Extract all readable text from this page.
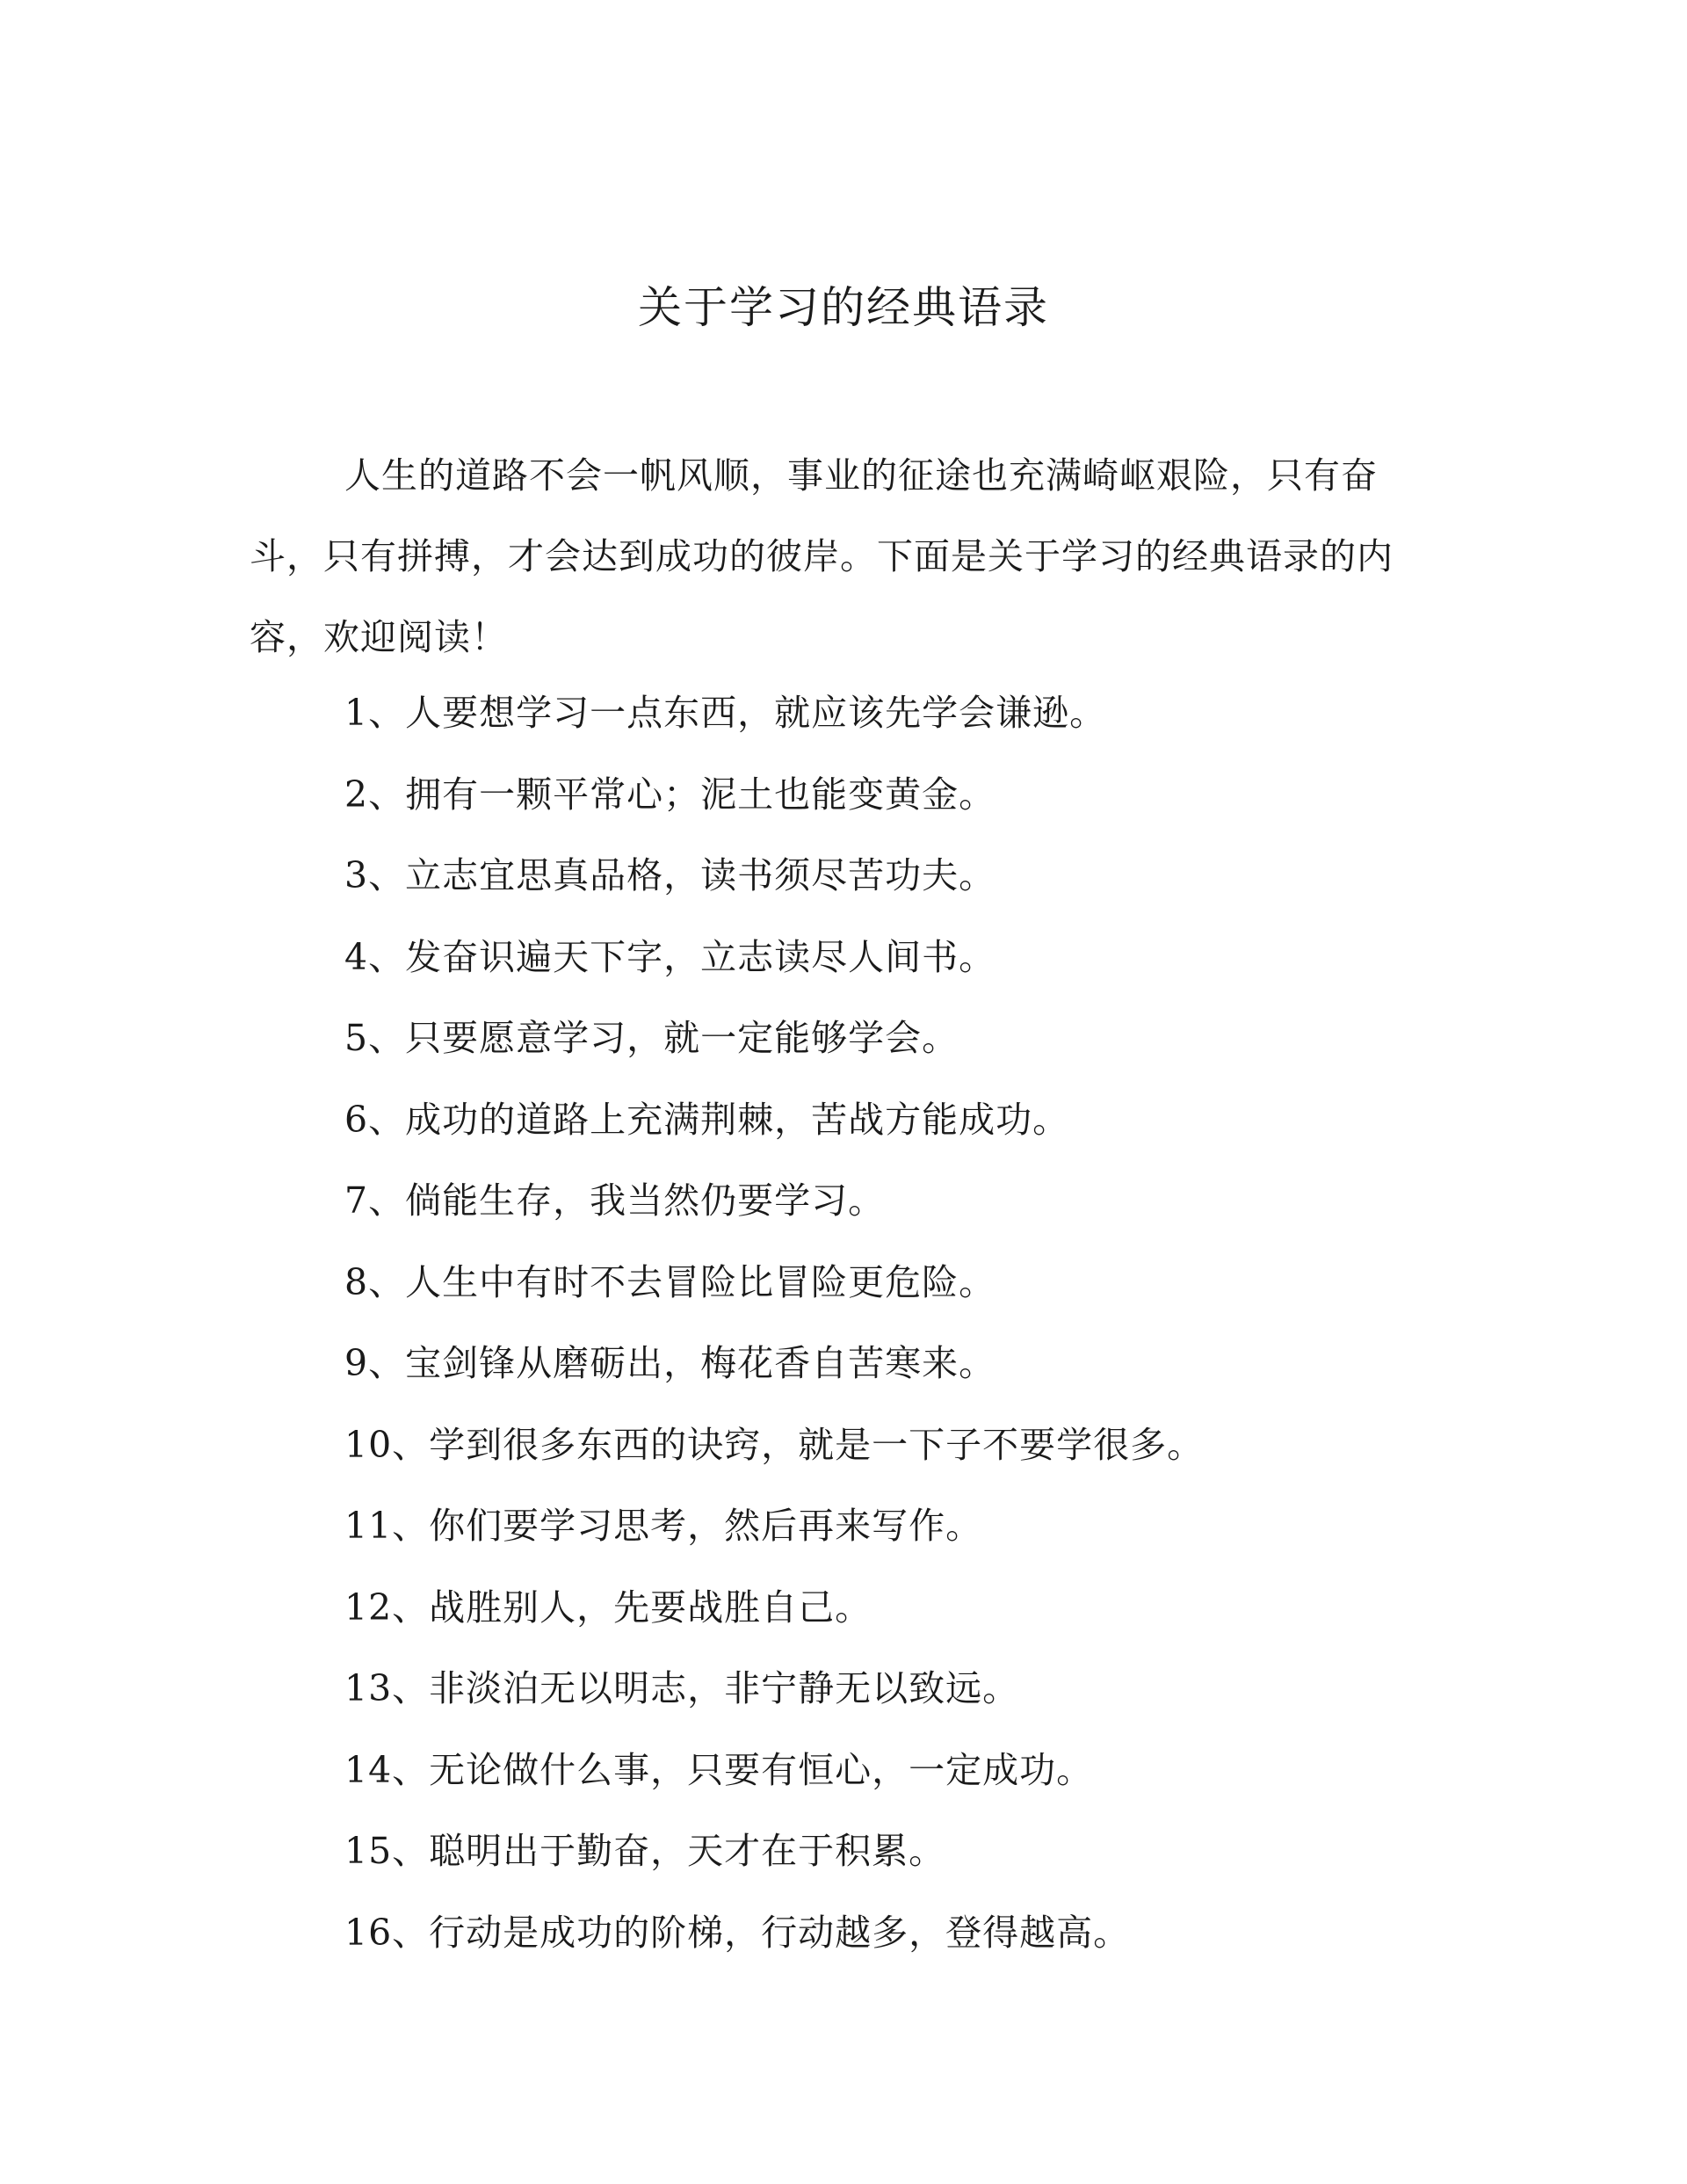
关于学习的经典语录

人生的道路不会一帆风顺，事业的征途也充满崎岖艰险，只有奋斗，只有拼搏，才会达到成功的彼岸。下面是关于学习的经典语录的内容，欢迎阅读！

1、人要想学习一点东西，就应该先学会谦逊。
2、拥有一颗平常心；泥土也能变黄金。
3、立志宜思真品格，读书须尽苦功夫。
4、发奋识遍天下字，立志读尽人间书。
5、只要愿意学习，就一定能够学会。
6、成功的道路上充满荆棘，苦战方能成功。
7、倘能生存，我当然仍要学习。
8、人生中有时不去冒险比冒险更危险。
9、宝剑锋从磨砺出，梅花香自苦寒来。
10、学到很多东西的诀窍，就是一下子不要学很多。
11、你们要学习思考，然后再来写作。
12、战胜别人，先要战胜自己。
13、非淡泊无以明志，非宁静无以致远。
14、无论做什么事，只要有恒心，一定成功。
15、聪明出于勤奋，天才在于积累。
16、行动是成功的阶梯，行动越多，登得越高。
